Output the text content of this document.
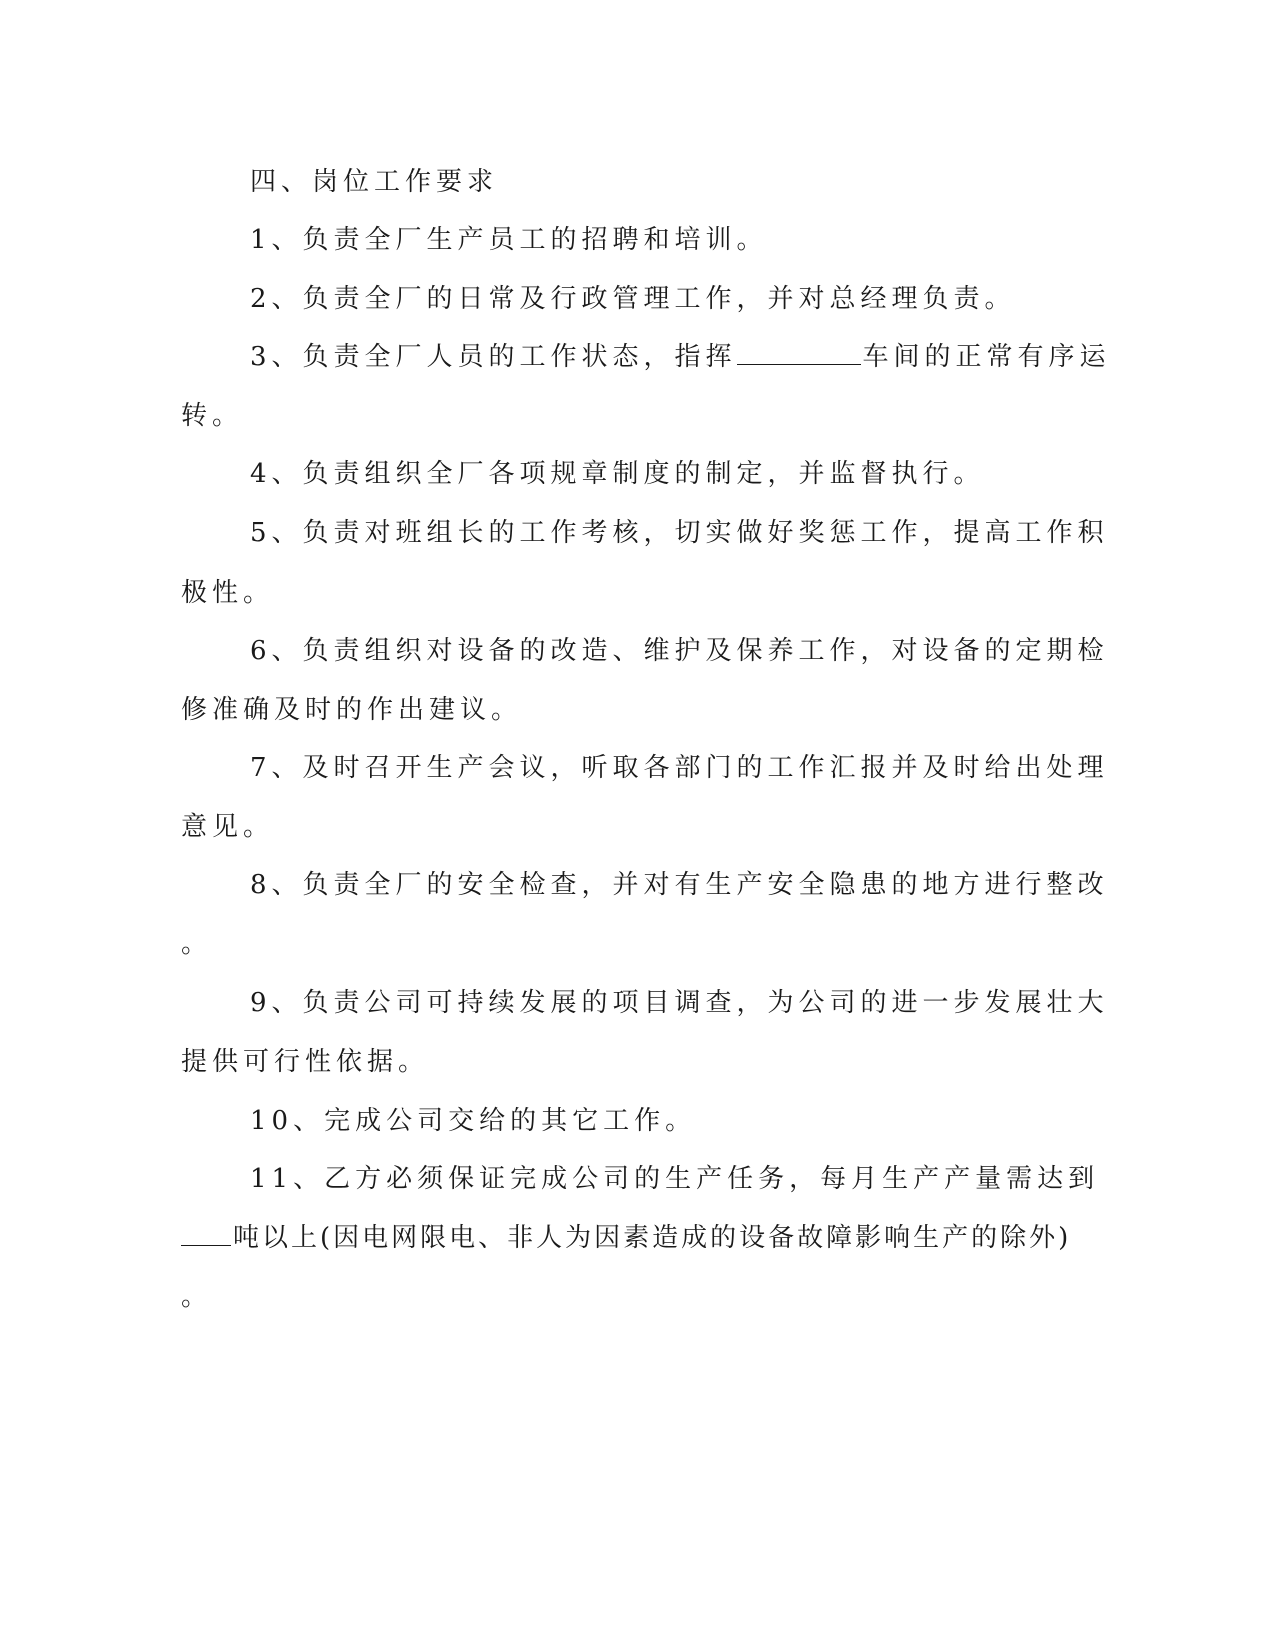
四、岗位工作要求
1、负责全厂生产员工的招聘和培训。
2、负责全厂的日常及行政管理工作，并对总经理负责。
3、负责全厂人员的工作状态，指挥	车间的正常有序运
转。
4、负责组织全厂各项规章制度的制定，并监督执行。
5、负责对班组长的工作考核，切实做好奖惩工作，提高工作积
极性。
6、负责组织对设备的改造、维护及保养工作，对设备的定期检
修准确及时的作出建议。
7、及时召开生产会议，听取各部门的工作汇报并及时给出处理
意见。
8、负责全厂的安全检查，并对有生产安全隐患的地方进行整改
。
9、负责公司可持续发展的项目调查，为公司的进一步发展壮大
提供可行性依据。
10、完成公司交给的其它工作。
11、乙方必须保证完成公司的生产任务，每月生产产量需达到
吨以上(因电网限电、非人为因素造成的设备故障影响生产的除外)
。
